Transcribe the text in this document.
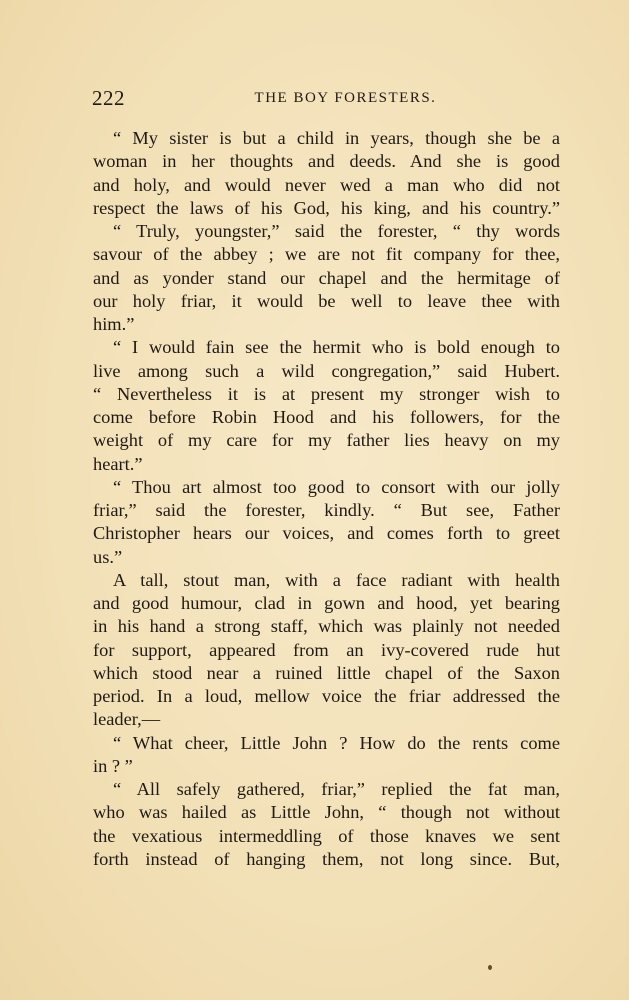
222	THE BOY FORESTERS.
“ My sister is but a child in years, though she be a
woman in her thoughts and deeds. And she is good
and holy, and would never wed a man who did not
respect the laws of his God, his king, and his country.”
“ Truly, youngster,” said the forester, “ thy words
savour of the abbey ; we are not fit company for thee,
and as yonder stand our chapel and the hermitage of
our holy friar, it would be well to leave thee with
him.”
“ I would fain see the hermit who is bold enough to
live among such a wild congregation,” said Hubert.
“ Nevertheless it is at present my stronger wish to
come before Robin Hood and his followers, for the
weight of my care for my father lies heavy on my
heart.”
“ Thou art almost too good to consort with our jolly
friar,” said the forester, kindly. “ But see, Father
Christopher hears our voices, and comes forth to greet
us.”
A tall, stout man, with a face radiant with health
and good humour, clad in gown and hood, yet bearing
in his hand a strong staff, which was plainly not needed
for support, appeared from an ivy-covered rude hut
which stood near a ruined little chapel of the Saxon
period. In a loud, mellow voice the friar addressed the
leader,—
“ What cheer, Little John ? How do the rents come
in ? ”
“ All safely gathered, friar,” replied the fat man,
who was hailed as Little John, “ though not without
the vexatious intermeddling of those knaves we sent
forth instead of hanging them, not long since. But,
